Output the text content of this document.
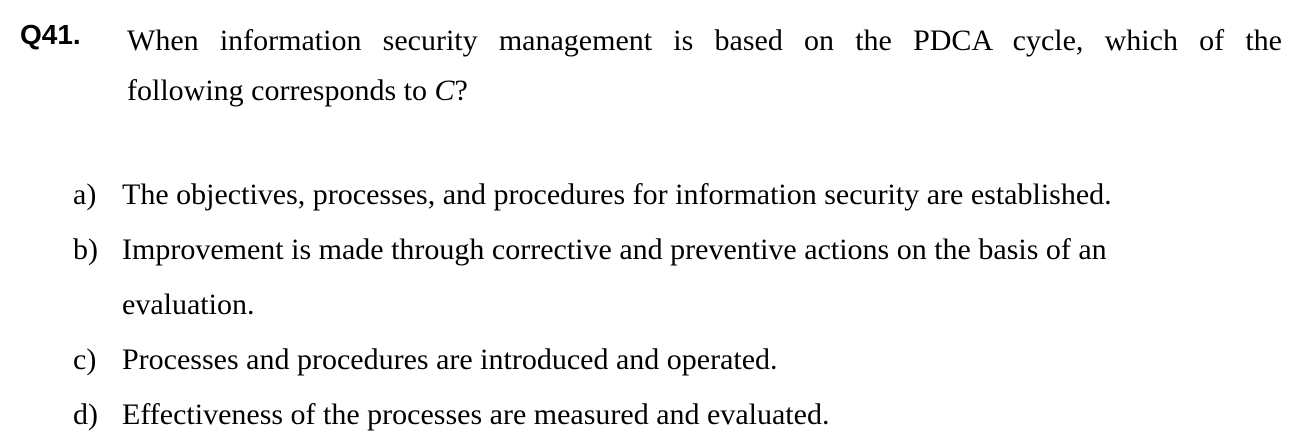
Q41. When information security management is based on the PDCA cycle, which of the
following corresponds to C?
a) The objectives, processes, and procedures for information security are established.
b) Improvement is made through corrective and preventive actions on the basis of an
evaluation.
c) Processes and procedures are introduced and operated.
d) Effectiveness of the processes are measured and evaluated.
